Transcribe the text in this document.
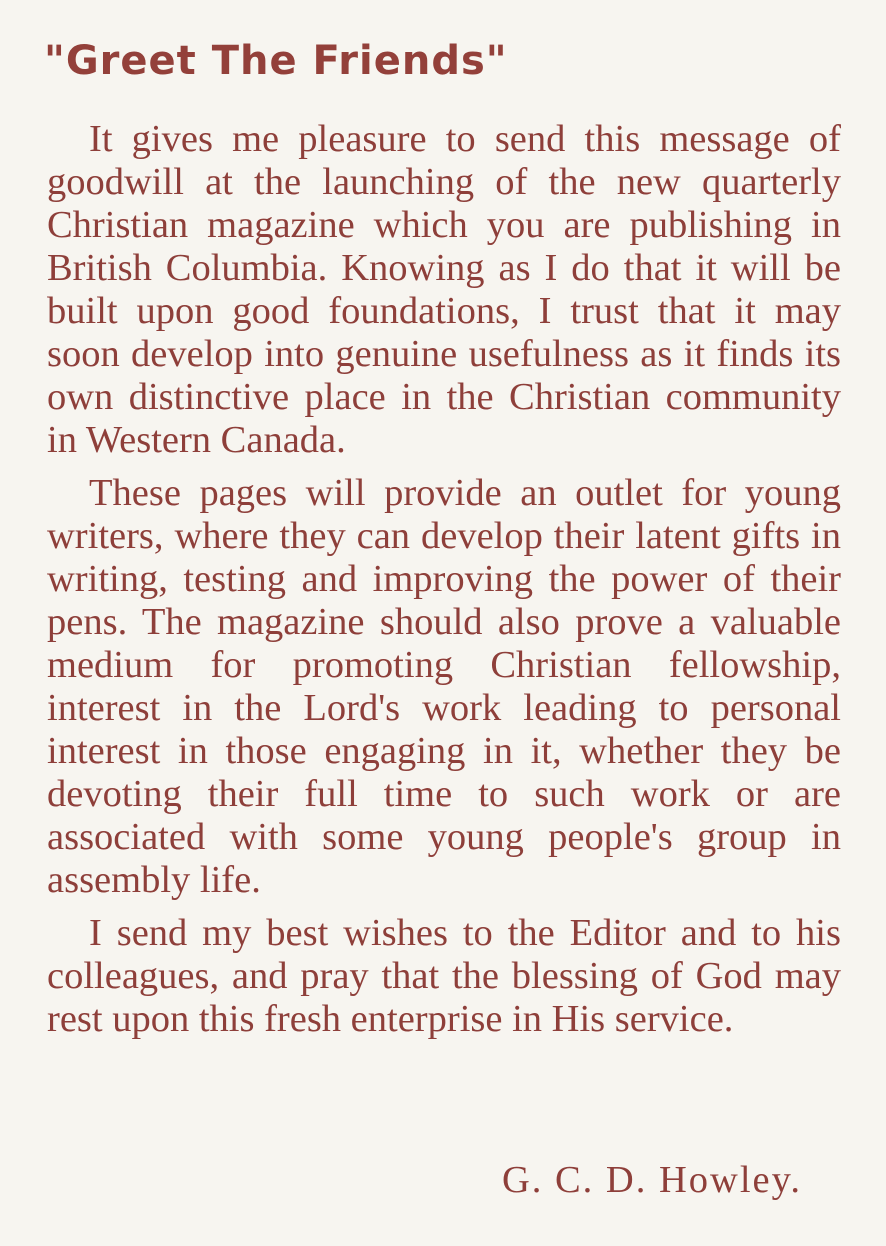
"Greet The Friends"

It gives me pleasure to send this message of goodwill at the launching of the new quarterly Christian magazine which you are publishing in British Columbia. Knowing as I do that it will be built upon good foundations, I trust that it may soon develop into genuine usefulness as it finds its own distinctive place in the Christian community in Western Canada.

These pages will provide an outlet for young writers, where they can develop their latent gifts in writing, testing and improving the power of their pens. The magazine should also prove a valuable medium for promoting Christian fellowship, interest in the Lord's work leading to personal interest in those engaging in it, whether they be devoting their full time to such work or are associated with some young people's group in assembly life.

I send my best wishes to the Editor and to his colleagues, and pray that the blessing of God may rest upon this fresh enterprise in His service.

G. C. D. Howley.
